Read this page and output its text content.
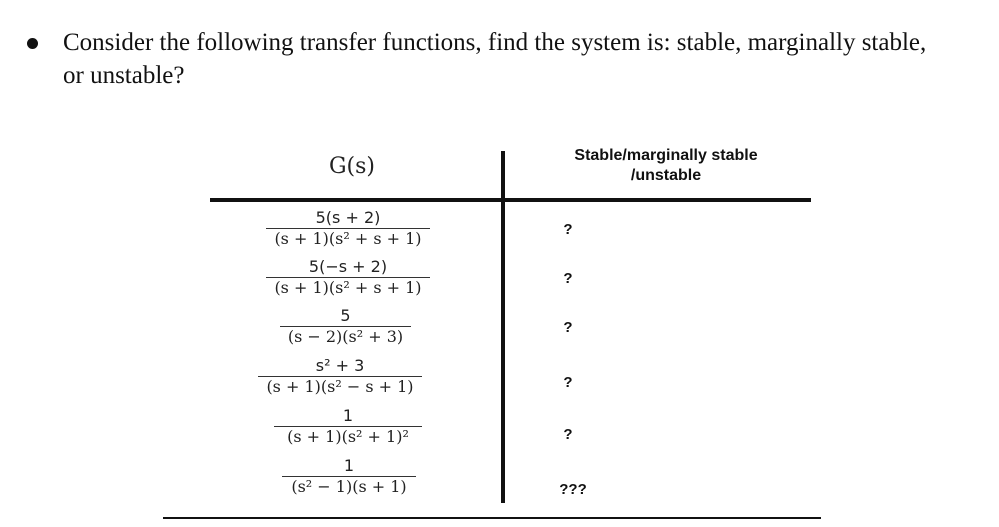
Consider the following transfer functions, find the system is: stable, marginally stable, or unstable?
G(s)	Stable/marginally stable
/unstable
5(s + 2)
(s + 1)(s² + s + 1)	?
5(−s + 2)
(s + 1)(s² + s + 1)	?
5
(s − 2)(s² + 3)	?
s² + 3
(s + 1)(s² − s + 1)	?
1
(s + 1)(s² + 1)²	?
1
(s² − 1)(s + 1)	???
